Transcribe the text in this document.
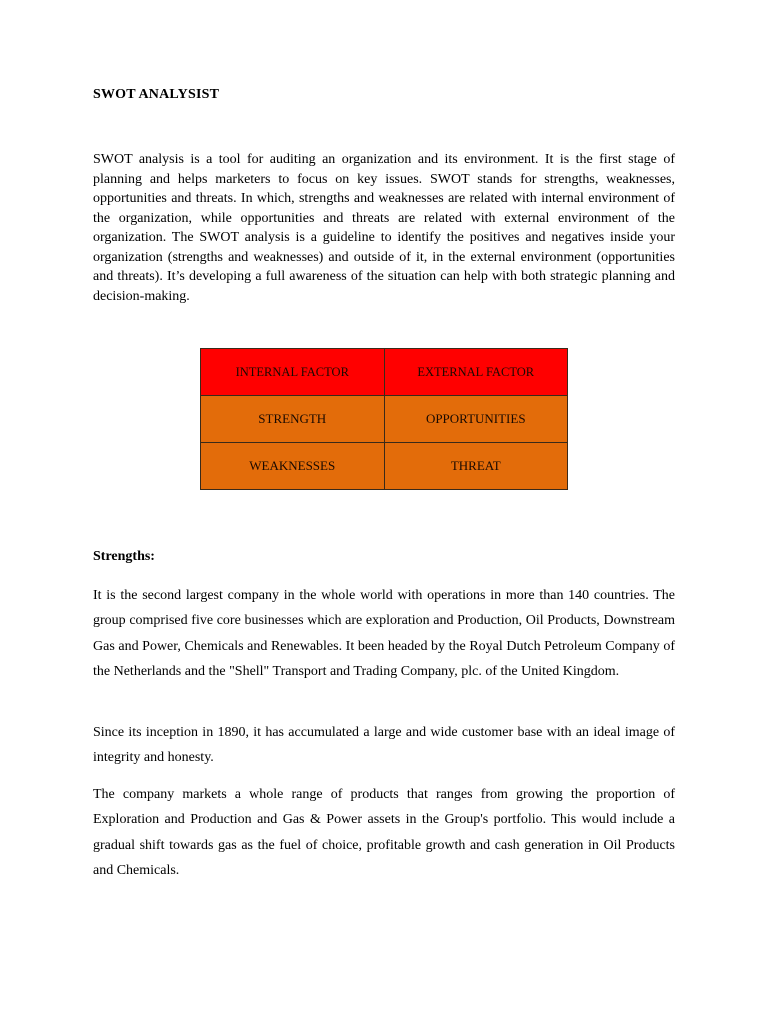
SWOT ANALYSIST

SWOT analysis is a tool for auditing an organization and its environment. It is the first stage of planning and helps marketers to focus on key issues. SWOT stands for strengths, weaknesses, opportunities and threats. In which, strengths and weaknesses are related with internal environment of the organization, while opportunities and threats are related with external environment of the organization. The SWOT analysis is a guideline to identify the positives and negatives inside your organization (strengths and weaknesses) and outside of it, in the external environment (opportunities and threats). It’s developing a full awareness of the situation can help with both strategic planning and decision-making.

INTERNAL FACTOR	EXTERNAL FACTOR
STRENGTH	OPPORTUNITIES
WEAKNESSES	THREAT
Strengths:

It is the second largest company in the whole world with operations in more than 140 countries. The group comprised five core businesses which are exploration and Production, Oil Products, Downstream Gas and Power, Chemicals and Renewables. It been headed by the Royal Dutch Petroleum Company of the Netherlands and the "Shell" Transport and Trading Company, plc. of the United Kingdom.

Since its inception in 1890, it has accumulated a large and wide customer base with an ideal image of integrity and honesty.

The company markets a whole range of products that ranges from growing the proportion of Exploration and Production and Gas & Power assets in the Group's portfolio. This would include a gradual shift towards gas as the fuel of choice, profitable growth and cash generation in Oil Products and Chemicals.
